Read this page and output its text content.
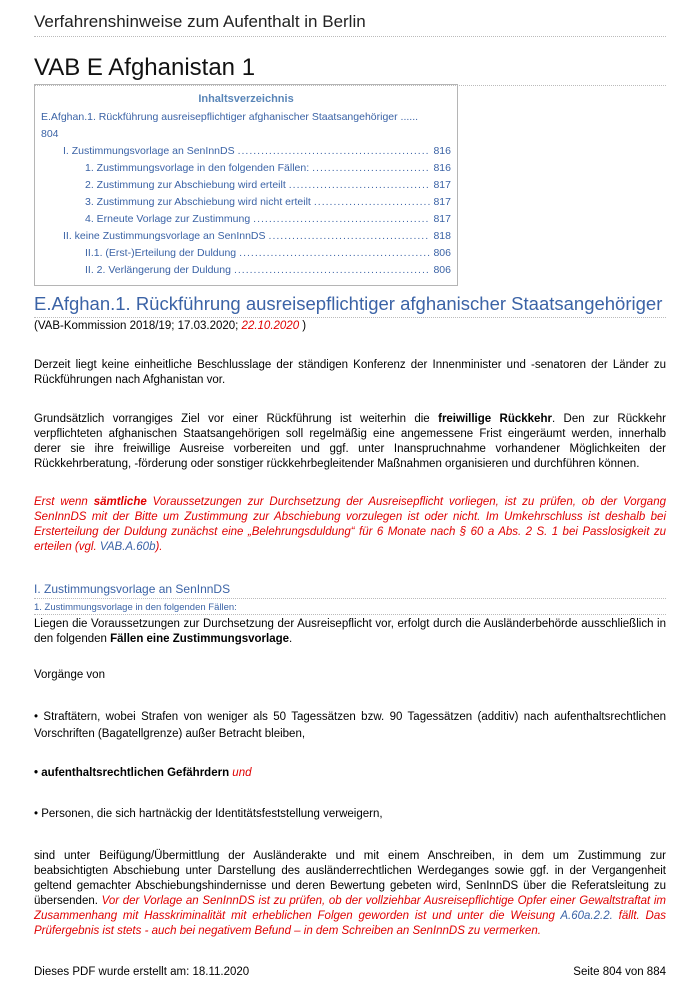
Verfahrenshinweise zum Aufenthalt in Berlin
VAB E Afghanistan 1
Inhaltsverzeichnis
E.Afghan.1. Rückführung ausreisepflichtiger afghanischer Staatsangehöriger ......
804
I. Zustimmungsvorlage an SenInnDS .....	816
1. Zustimmungsvorlage in den folgenden Fällen: .....	816
2. Zustimmung zur Abschiebung wird erteilt .....	817
3. Zustimmung zur Abschiebung wird nicht erteilt .....	817
4. Erneute Vorlage zur Zustimmung .....	817
II. keine Zustimmungsvorlage an SenInnDS .....	818
II.1. (Erst-)Erteilung der Duldung .....	806
II. 2. Verlängerung der Duldung .....	806
E.Afghan.1. Rückführung ausreisepflichtiger afghanischer Staatsangehöriger
(VAB-Kommission 2018/19; 17.03.2020; 22.10.2020 )
Derzeit liegt keine einheitliche Beschlusslage der ständigen Konferenz der Innenminister und -senatoren der Länder zu Rückführungen nach Afghanistan vor.
Grundsätzlich vorrangiges Ziel vor einer Rückführung ist weiterhin die freiwillige Rückkehr. Den zur Rückkehr verpflichteten afghanischen Staatsangehörigen soll regelmäßig eine angemessene Frist eingeräumt werden, innerhalb derer sie ihre freiwillige Ausreise vorbereiten und ggf. unter Inanspruchnahme vorhandener Möglichkeiten der Rückkehrberatung, -förderung oder sonstiger rückkehrbegleitender Maßnahmen organisieren und durchführen können.
Erst wenn sämtliche Voraussetzungen zur Durchsetzung der Ausreisepflicht vorliegen, ist zu prüfen, ob der Vorgang SenInnDS mit der Bitte um Zustimmung zur Abschiebung vorzulegen ist oder nicht. Im Umkehrschluss ist deshalb bei Ersterteilung der Duldung zunächst eine „Belehrungsduldung“ für 6 Monate nach § 60 a Abs. 2 S. 1 bei Passlosigkeit zu erteilen (vgl. VAB.A.60b).
I. Zustimmungsvorlage an SenInnDS
1. Zustimmungsvorlage in den folgenden Fällen:
Liegen die Voraussetzungen zur Durchsetzung der Ausreisepflicht vor, erfolgt durch die Ausländerbehörde ausschließlich in den folgenden Fällen eine Zustimmungsvorlage.
Vorgänge von
• Straftätern, wobei Strafen von weniger als 50 Tagessätzen bzw. 90 Tagessätzen (additiv) nach aufenthaltsrechtlichen Vorschriften (Bagatellgrenze) außer Betracht bleiben,
• aufenthaltsrechtlichen Gefährdern und
• Personen, die sich hartnäckig der Identitätsfeststellung verweigern,
sind unter Beifügung/Übermittlung der Ausländerakte und mit einem Anschreiben, in dem um Zustimmung zur beabsichtigten Abschiebung unter Darstellung des ausländerrechtlichen Werdeganges sowie ggf. in der Vergangenheit geltend gemachter Abschiebungshindernisse und deren Bewertung gebeten wird, SenInnDS über die Referatsleitung zu übersenden. Vor der Vorlage an SenInnDS ist zu prüfen, ob der vollziehbar Ausreisepflichtige Opfer einer Gewaltstraftat im Zusammenhang mit Hasskriminalität mit erheblichen Folgen geworden ist und unter die Weisung A.60a.2.2. fällt. Das Prüfergebnis ist stets - auch bei negativem Befund – in dem Schreiben an SenInnDS zu vermerken.
Dieses PDF wurde erstellt am: 18.11.2020	Seite 804 von 884
